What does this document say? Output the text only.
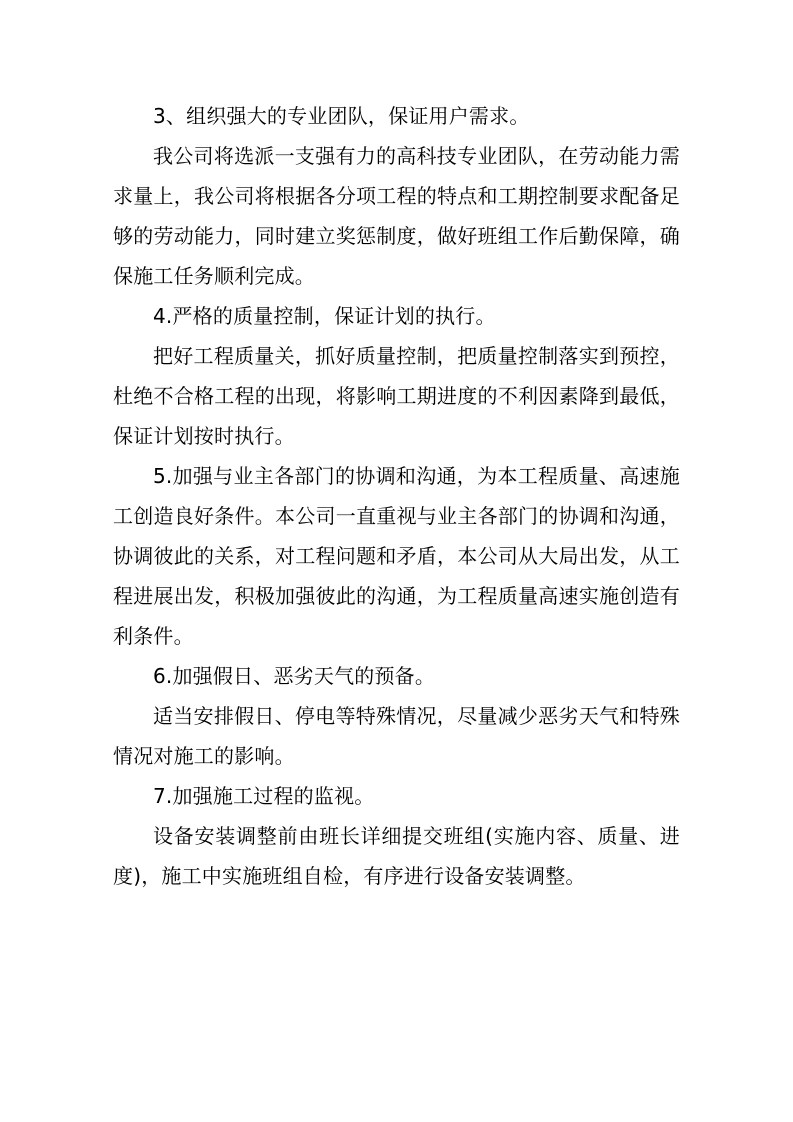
3、组织强大的专业团队，保证用户需求。

我公司将选派一支强有力的高科技专业团队，在劳动能力需求量上，我公司将根据各分项工程的特点和工期控制要求配备足够的劳动能力，同时建立奖惩制度，做好班组工作后勤保障，确保施工任务顺利完成。

4.严格的质量控制，保证计划的执行。

把好工程质量关，抓好质量控制，把质量控制落实到预控，杜绝不合格工程的出现，将影响工期进度的不利因素降到最低，保证计划按时执行。

5.加强与业主各部门的协调和沟通，为本工程质量、高速施工创造良好条件。本公司一直重视与业主各部门的协调和沟通，协调彼此的关系，对工程问题和矛盾，本公司从大局出发，从工程进展出发，积极加强彼此的沟通，为工程质量高速实施创造有利条件。

6.加强假日、恶劣天气的预备。

适当安排假日、停电等特殊情况，尽量减少恶劣天气和特殊情况对施工的影响。

7.加强施工过程的监视。

设备安装调整前由班长详细提交班组(实施内容、质量、进度)，施工中实施班组自检，有序进行设备安装调整。
